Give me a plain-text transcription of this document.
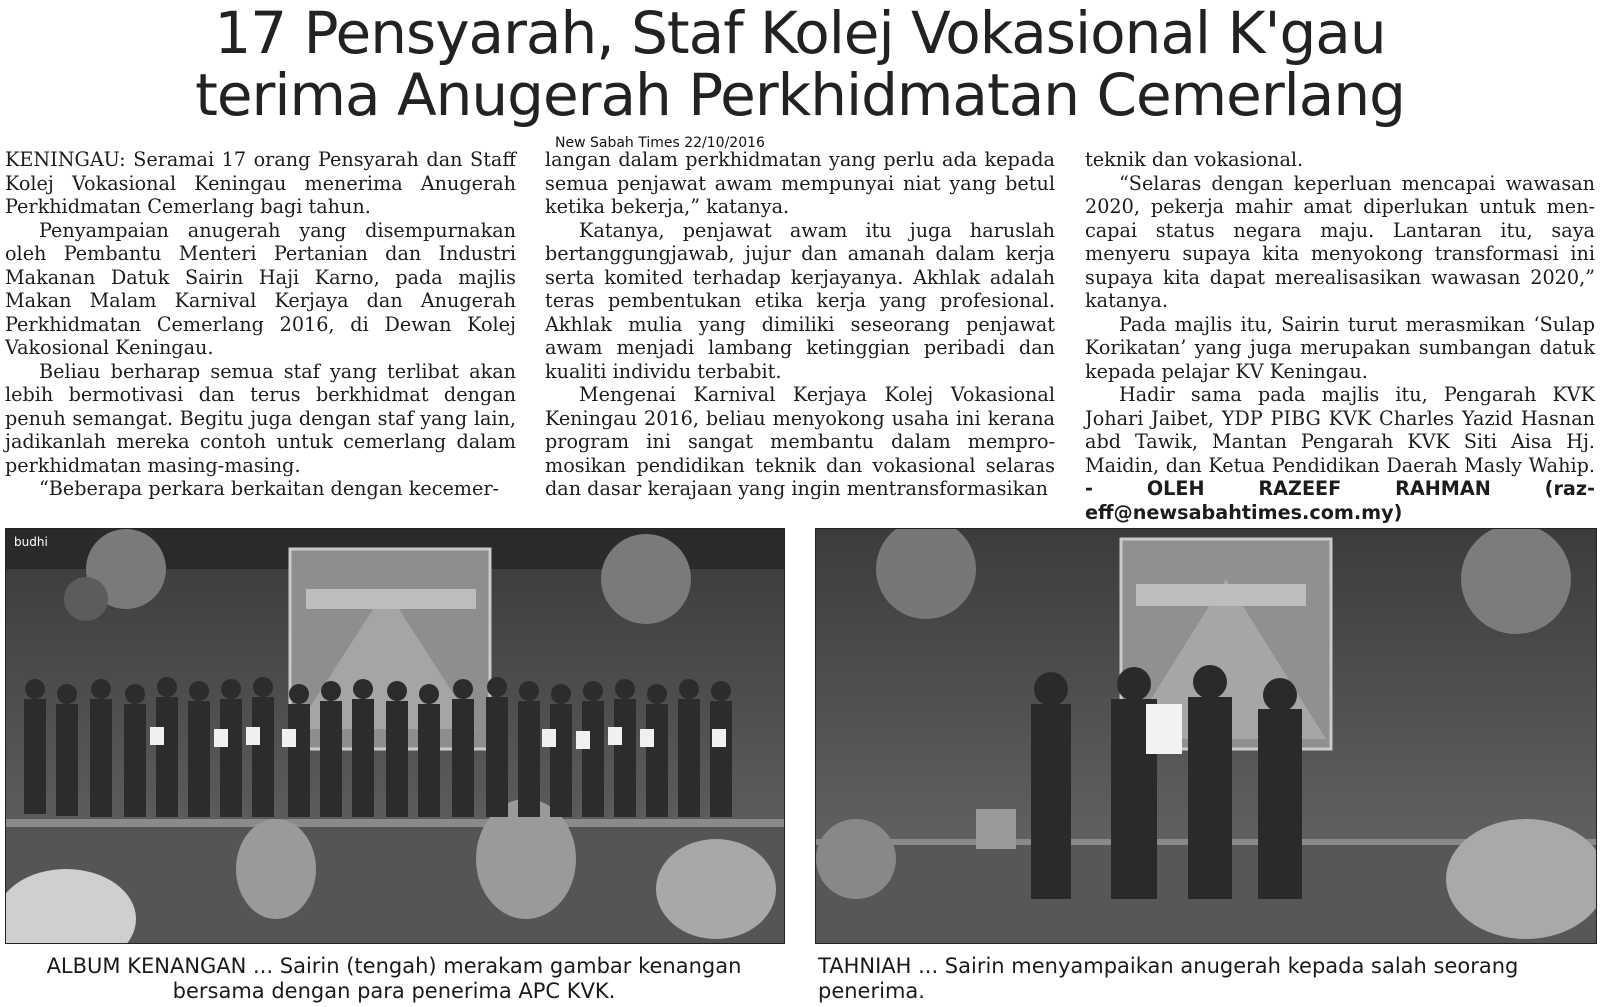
17 Pensyarah, Staf Kolej Vokasional K'gau
terima Anugerah Perkhidmatan Cemerlang
New Sabah Times 22/10/2016

KENINGAU: Seramai 17 orang Pensyarah dan Staff Kolej Vokasional Keningau menerima Anugerah Perkhidmatan Cemerlang bagi tahun.

Penyampaian anugerah yang disempurnakan oleh Pembantu Menteri Pertanian dan Industri Makanan Datuk Sairin Haji Karno, pada majlis Makan Malam Karnival Kerjaya dan Anugerah Perkhidmatan Cemerlang 2016, di Dewan Kolej Vakosional Keningau.

Beliau berharap semua staf yang terlibat akan lebih bermotivasi dan terus berkhidmat dengan penuh semangat. Begitu juga dengan staf yang lain, jadikanlah mereka contoh untuk cemerlang dalam perkhidmatan masing-masing.

“Beberapa perkara berkaitan dengan kecemer-

langan dalam perkhidmatan yang perlu ada kepada semua penjawat awam mempunyai niat yang betul ketika bekerja,” katanya.

Katanya, penjawat awam itu juga haruslah bertanggungjawab, jujur dan amanah dalam kerja serta komited terhadap kerjayanya. Akhlak adalah teras pembentukan etika kerja yang profesional. Akhlak mulia yang dimiliki seseorang penjawat awam menjadi lambang ketinggian peribadi dan kualiti individu terbabit.

Mengenai Karnival Kerjaya Kolej Vokasional Keningau 2016, beliau menyokong usaha ini kerana program ini sangat membantu dalam mempro-mosikan pendidikan teknik dan vokasional selaras dan dasar kerajaan yang ingin mentransformasikan

teknik dan vokasional.

“Selaras dengan keperluan mencapai wawasan 2020, pekerja mahir amat diperlukan untuk men-capai status negara maju. Lantaran itu, saya menyeru supaya kita menyokong transformasi ini supaya kita dapat merealisasikan wawasan 2020,” katanya.

Pada majlis itu, Sairin turut merasmikan ‘Sulap Korikatan’ yang juga merupakan sumbangan datuk kepada pelajar KV Keningau.

Hadir sama pada majlis itu, Pengarah KVK Johari Jaibet, YDP PIBG KVK Charles Yazid Hasnan abd Tawik, Mantan Pengarah KVK Siti Aisa Hj. Maidin, dan Ketua Pendidikan Daerah Masly Wahip. - OLEH RAZEEF RAHMAN (raz-eff@newsabahtimes.com.my)

budhi
ALBUM KENANGAN ... Sairin (tengah) merakam gambar kenangan bersama dengan para penerima APC KVK.
TAHNIAH ... Sairin menyampaikan anugerah kepada salah seorang penerima.
